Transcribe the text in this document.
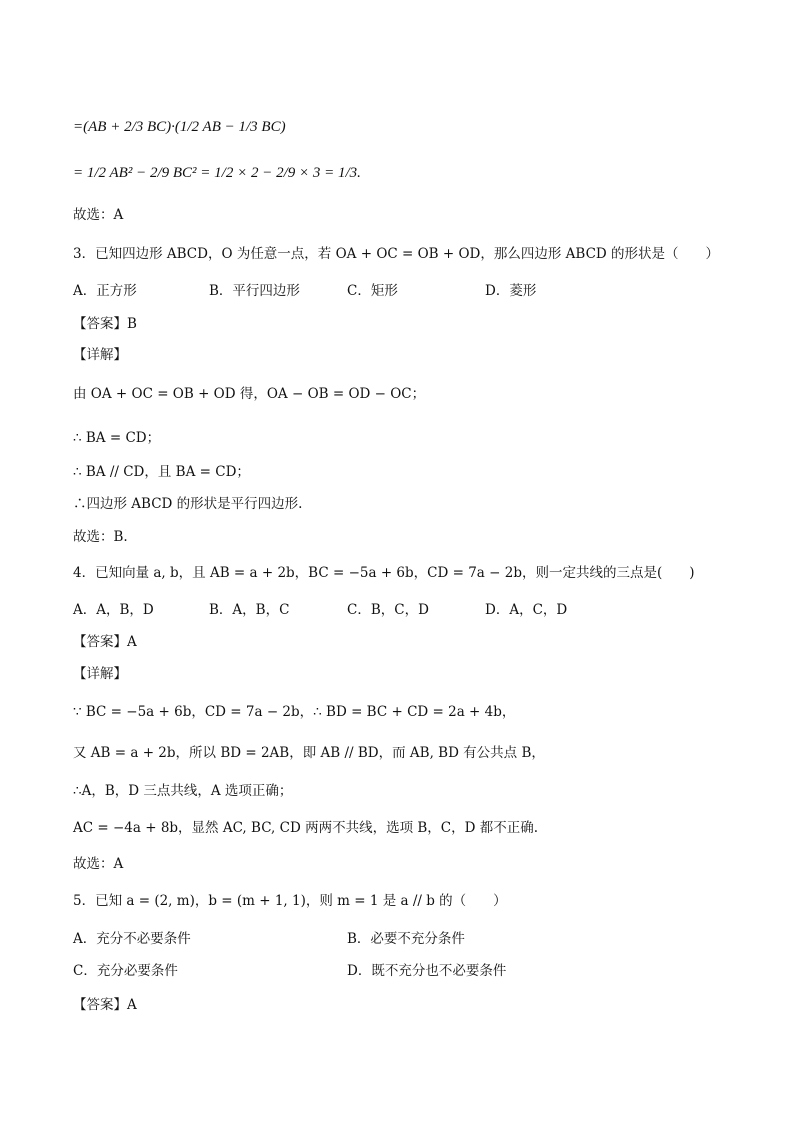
=(AB + 2/3 BC)·(1/2 AB − 1/3 BC)
= 1/2 AB² − 2/9 BC² = 1/2 × 2 − 2/9 × 3 = 1/3.
故选：A
3．已知四边形 ABCD，O 为任意一点，若 OA + OC = OB + OD，那么四边形 ABCD 的形状是（　　）
A．正方形	B．平行四边形	C．矩形	D．菱形
【答案】B
【详解】
由 OA + OC = OB + OD 得，OA − OB = OD − OC；
∴ BA = CD；
∴ BA // CD，且 BA = CD；
∴四边形 ABCD 的形状是平行四边形.
故选：B.
4．已知向量 a, b，且 AB = a + 2b，BC = −5a + 6b，CD = 7a − 2b，则一定共线的三点是(　　)
A．A，B，D	B．A，B，C	C．B，C，D	D．A，C，D
【答案】A
【详解】
∵ BC = −5a + 6b，CD = 7a − 2b，∴ BD = BC + CD = 2a + 4b，
又 AB = a + 2b，所以 BD = 2AB，即 AB // BD，而 AB, BD 有公共点 B，
∴A，B，D 三点共线，A 选项正确；
AC = −4a + 8b，显然 AC, BC, CD 两两不共线，选项 B，C，D 都不正确.
故选：A
5．已知 a = (2, m)，b = (m + 1, 1)，则 m = 1 是 a // b 的（　　）
A．充分不必要条件	B．必要不充分条件
C．充分必要条件	D．既不充分也不必要条件
【答案】A
